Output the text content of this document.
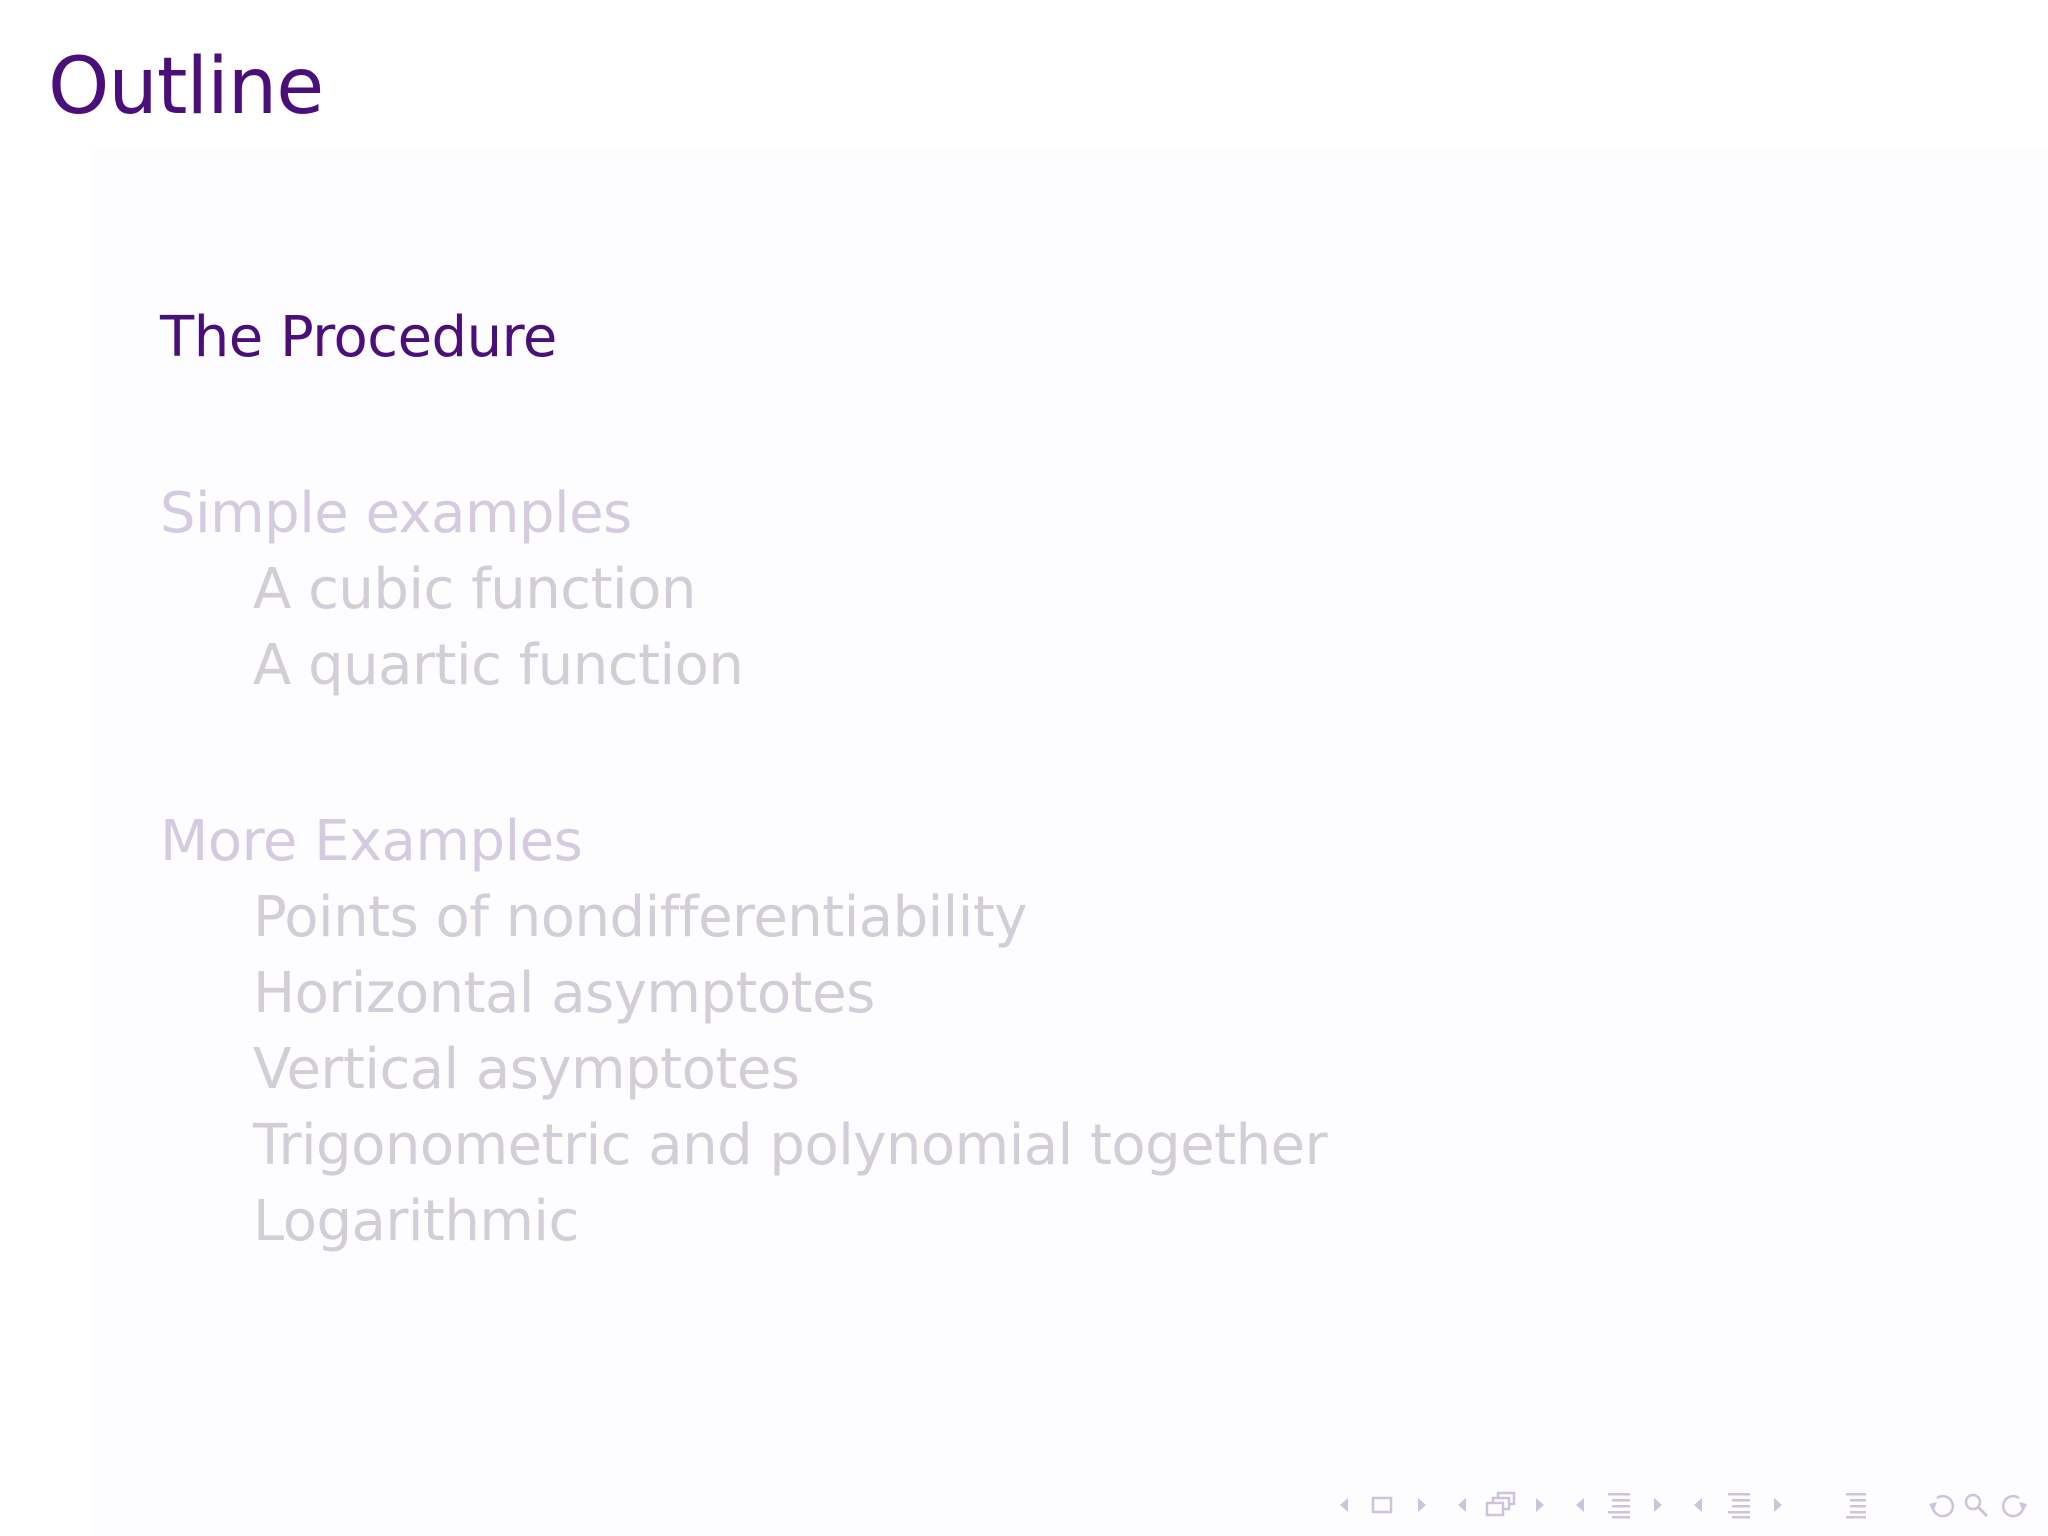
Outline
The Procedure
Simple examples
A cubic function
A quartic function
More Examples
Points of nondifferentiability
Horizontal asymptotes
Vertical asymptotes
Trigonometric and polynomial together
Logarithmic
